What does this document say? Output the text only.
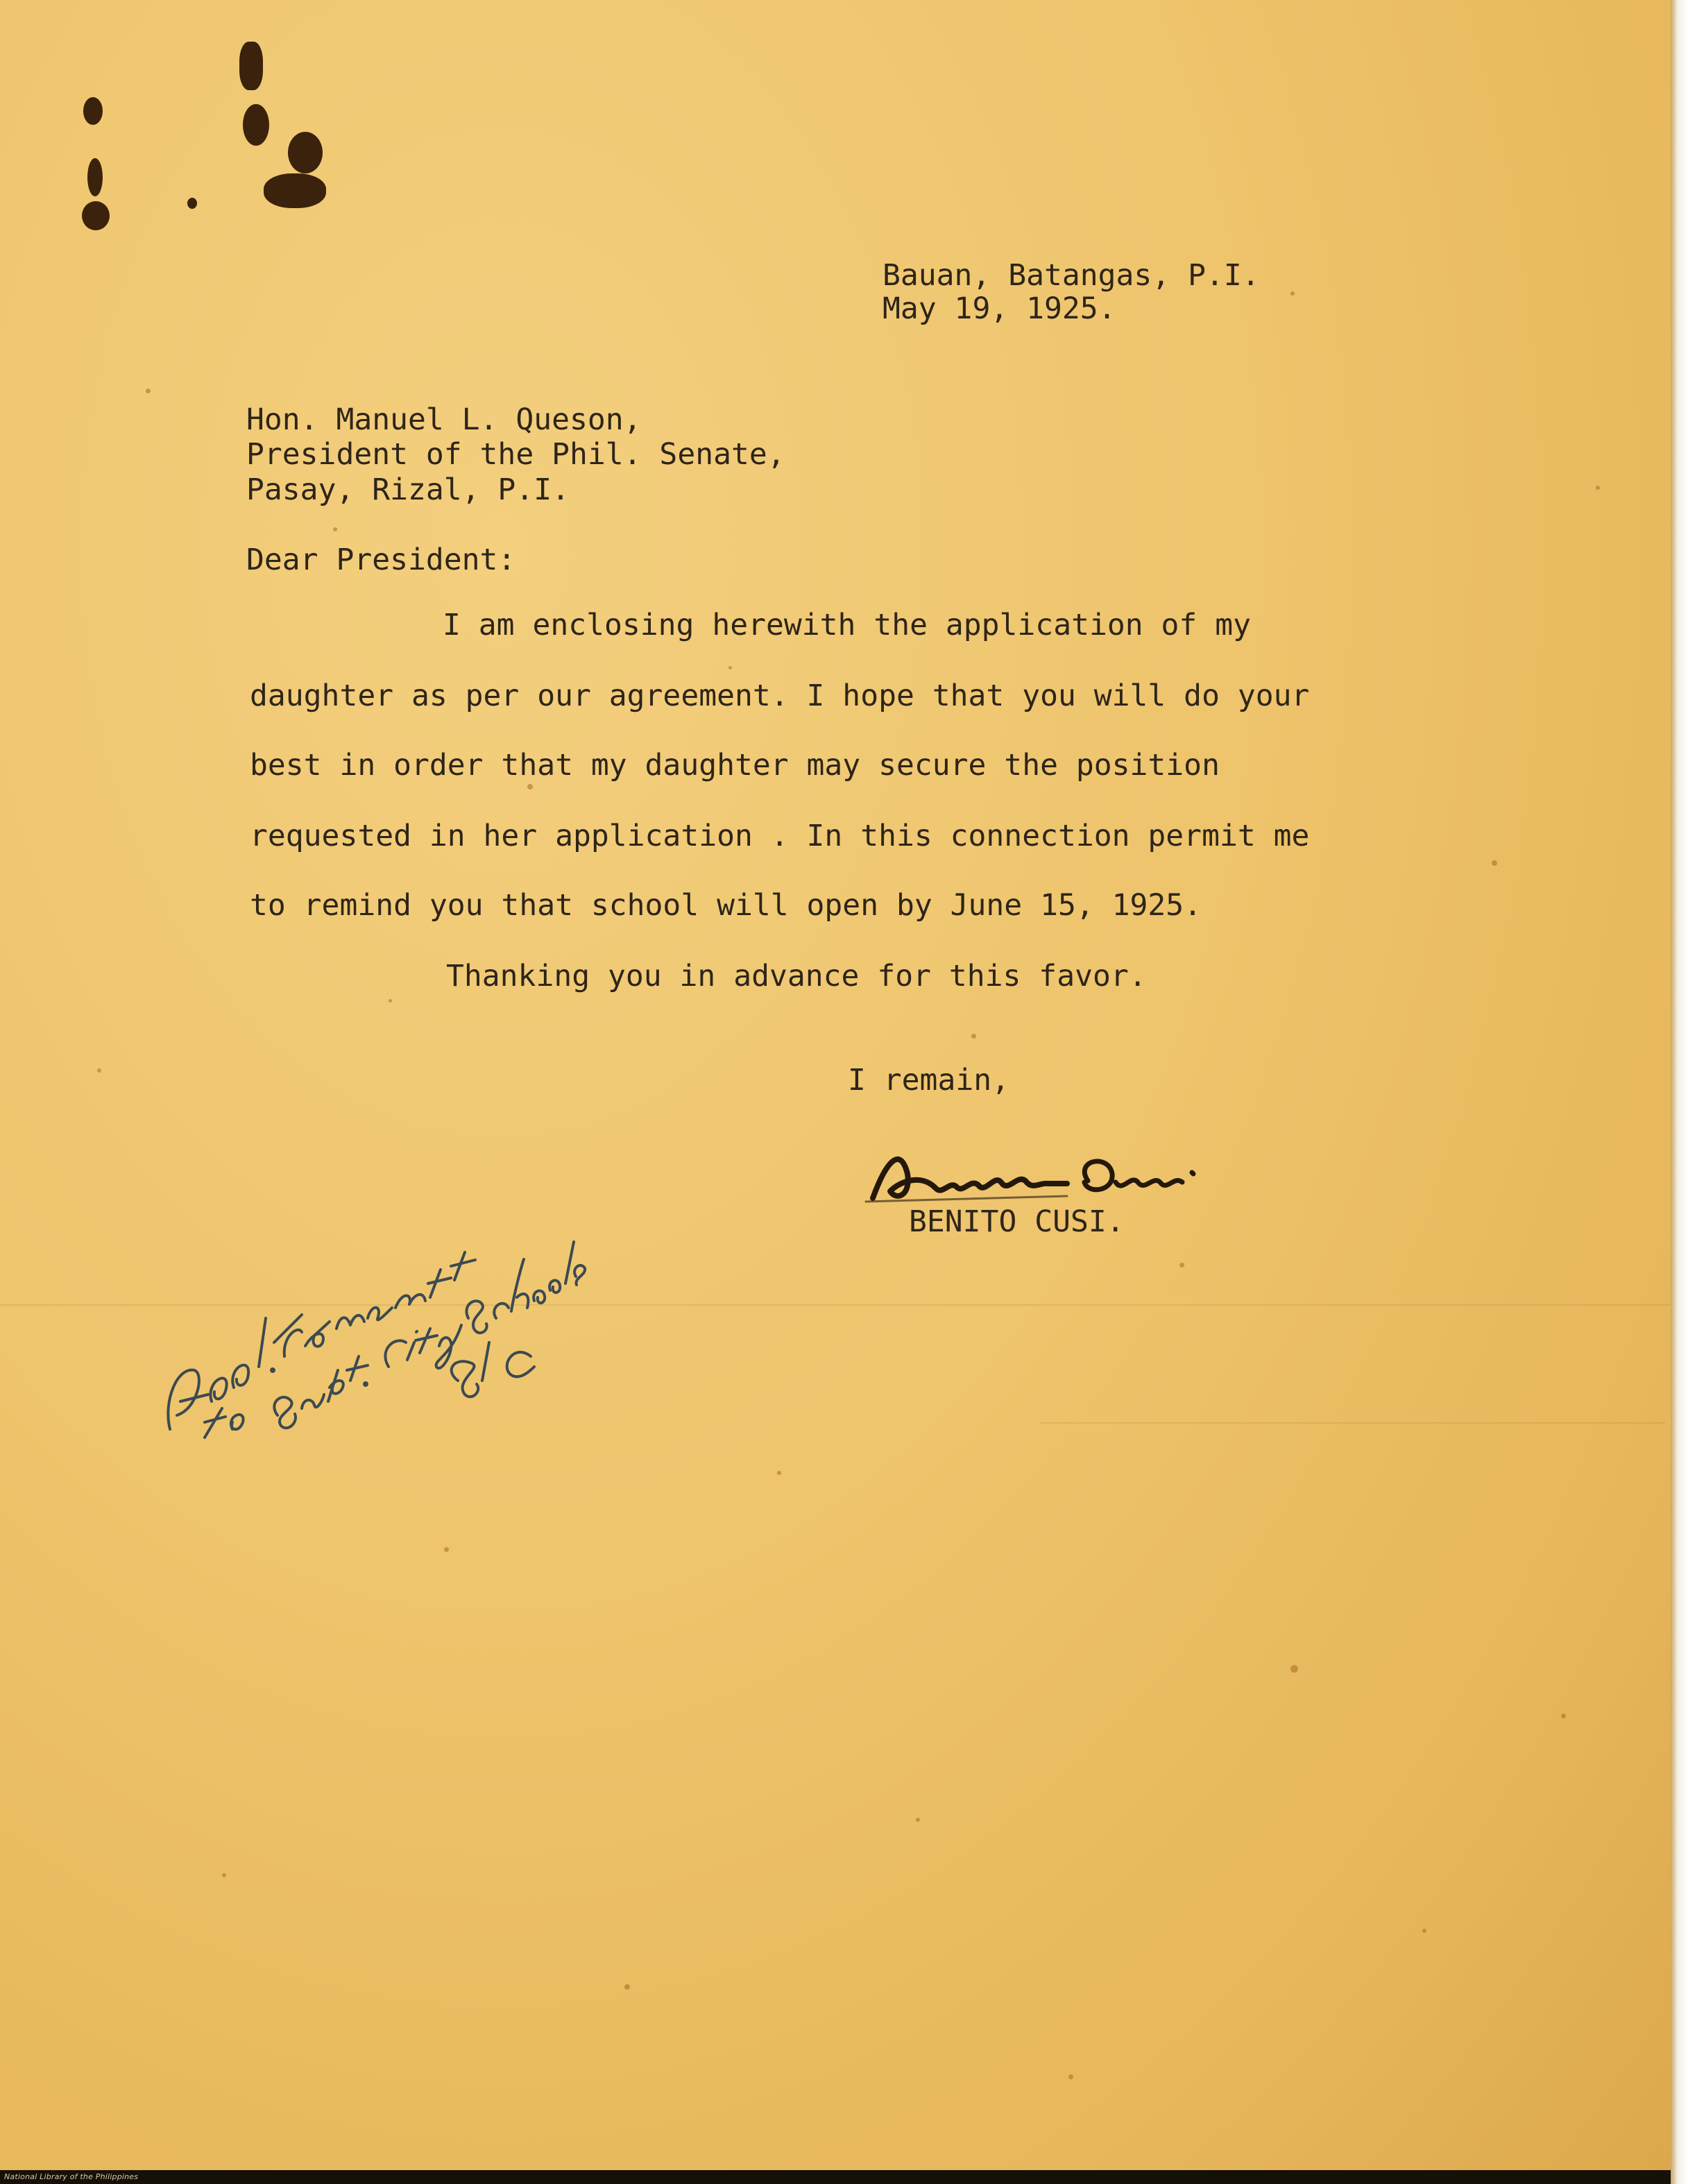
Bauan, Batangas, P.I.
May 19, 1925.
Hon. Manuel L. Queson,
President of the Phil. Senate,
Pasay, Rizal, P.I.
Dear President:
I am enclosing herewith the application of my
daughter as per our agreement. I hope that you will do your
best in order that my daughter may secure the position
requested in her application . In this connection permit me
to remind you that school will open by June 15, 1925.
Thanking you in advance for this favor.
I remain,
BENITO CUSI.
National Library of the Philippines
